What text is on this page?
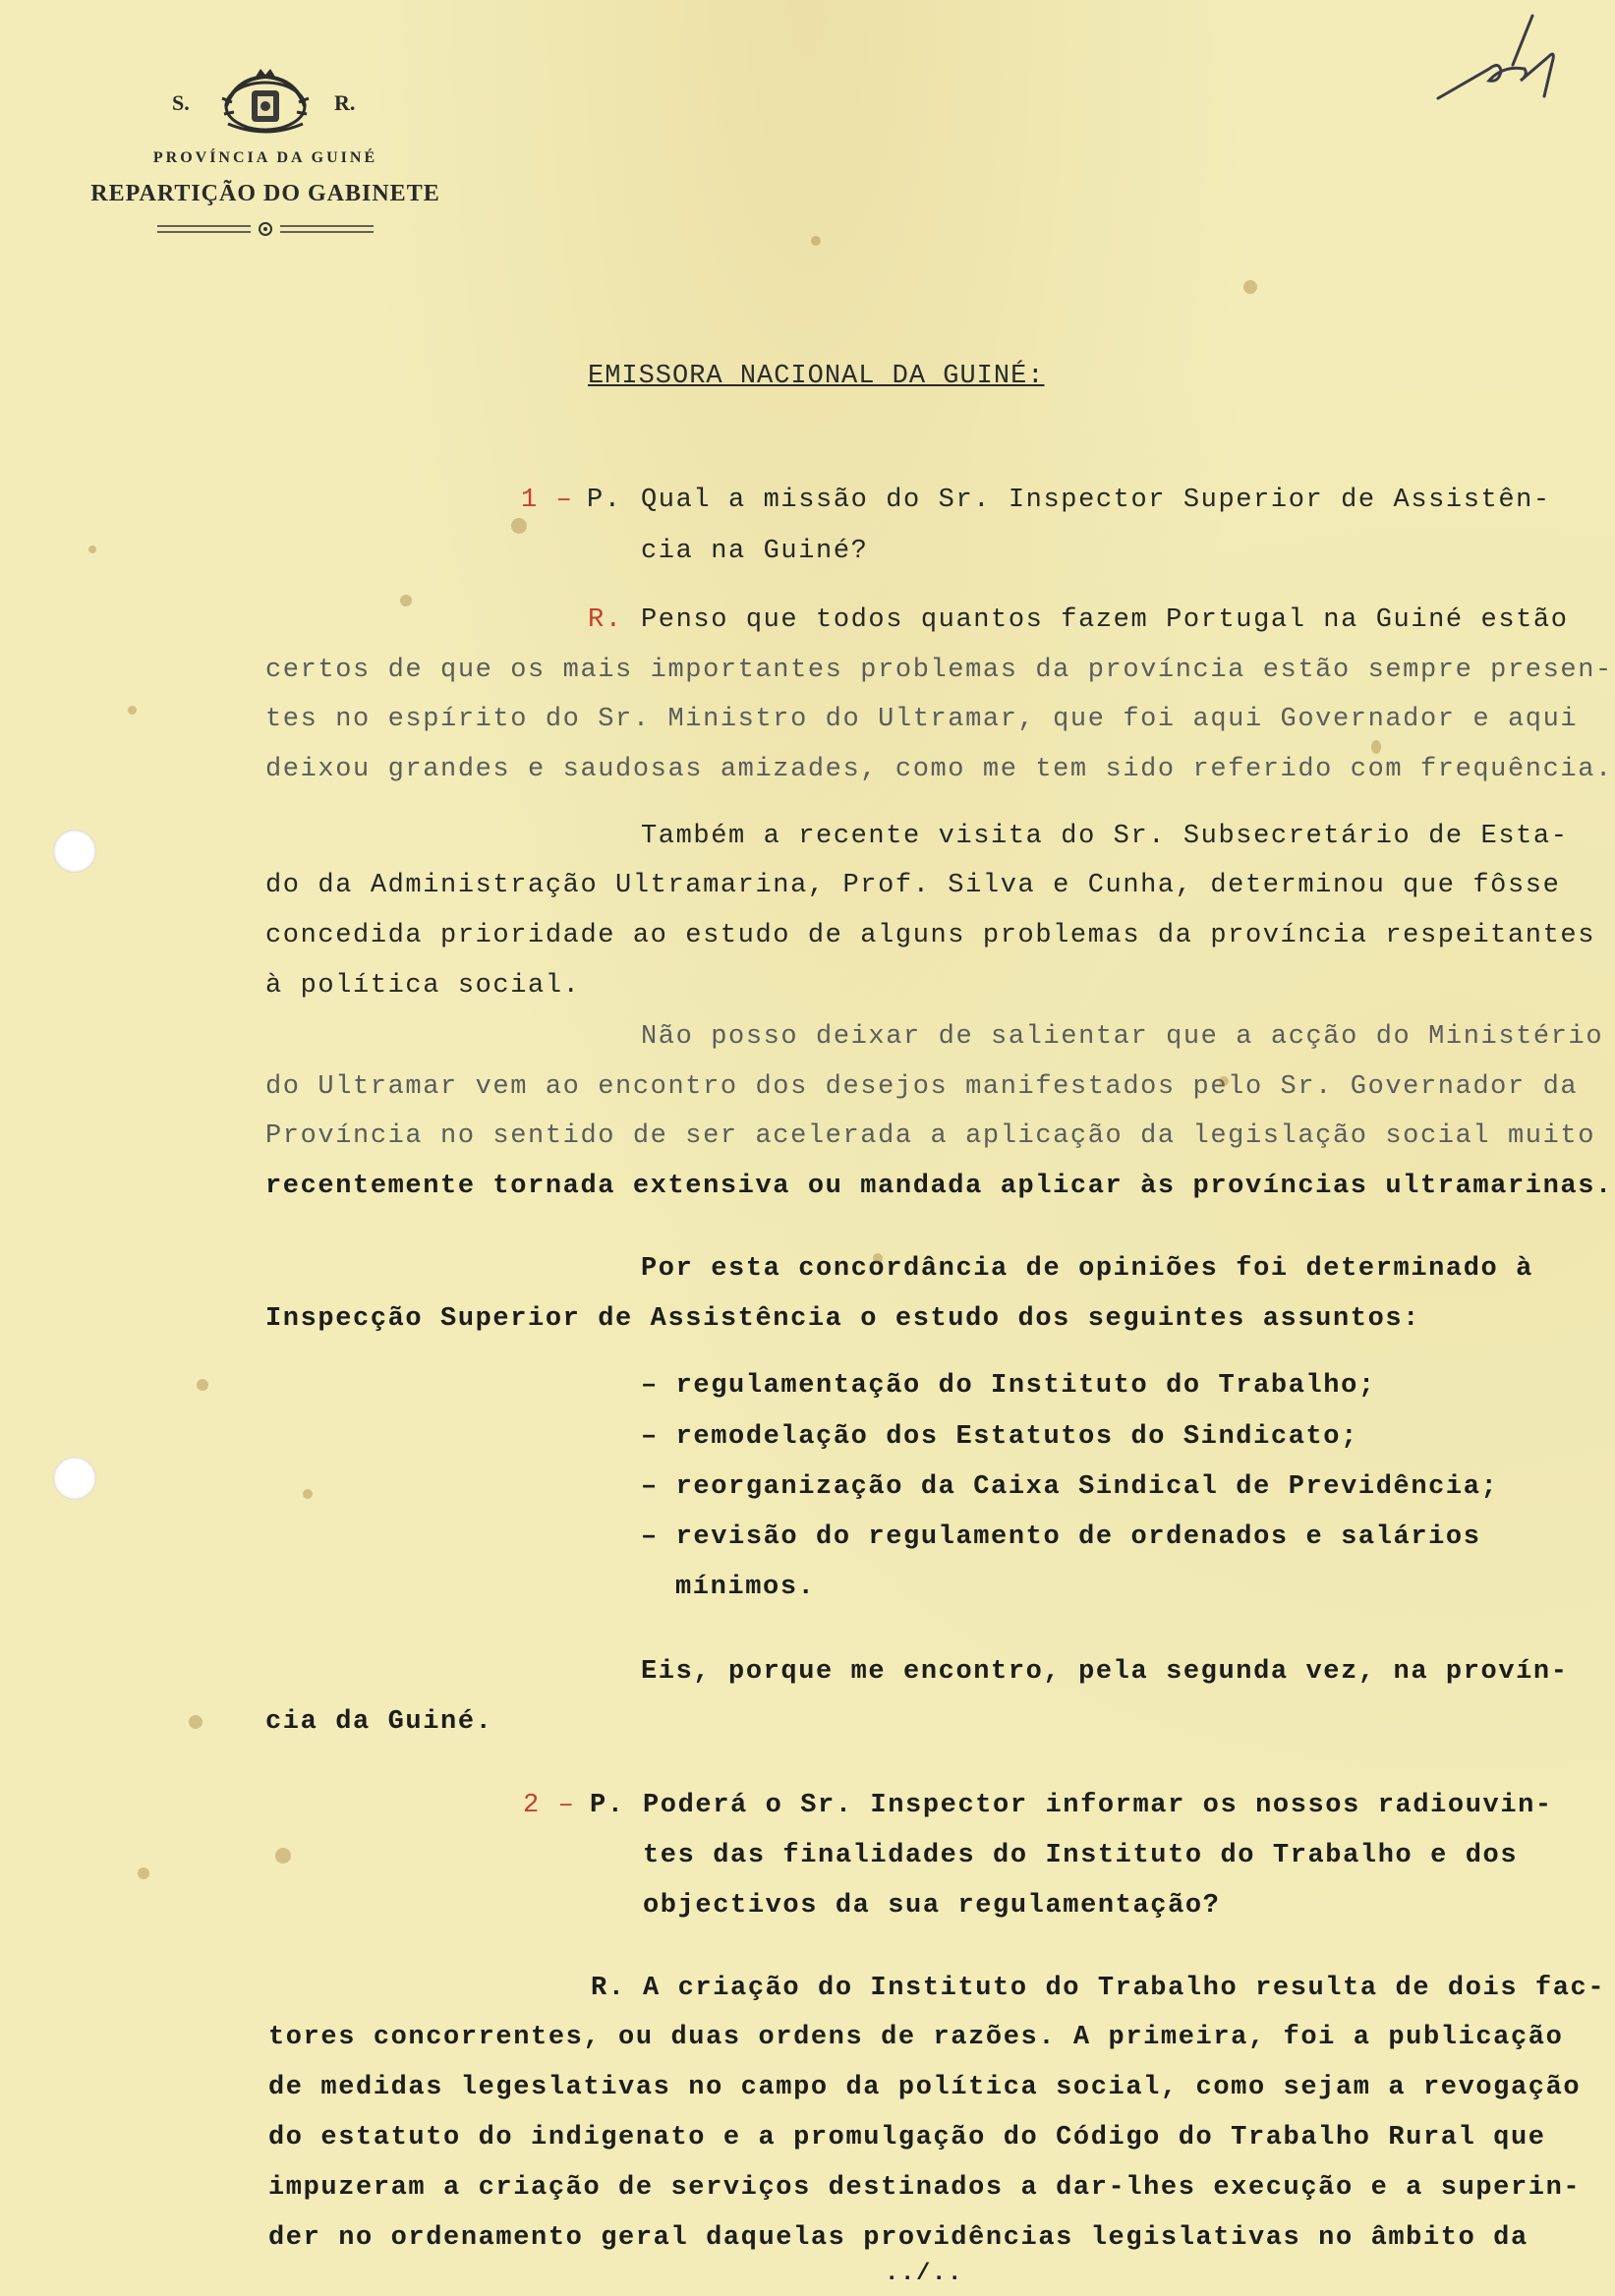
S.	R.
PROVÍNCIA DA GUINÉ
REPARTIÇÃO DO GABINETE
EMISSORA NACIONAL DA GUINÉ:
1 – P. Qual a missão do Sr. Inspector Superior de Assistên-
cia na Guiné?
R. Penso que todos quantos fazem Portugal na Guiné estão
certos de que os mais importantes problemas da província estão sempre presen-
tes no espírito do Sr. Ministro do Ultramar, que foi aqui Governador e aqui
deixou grandes e saudosas amizades, como me tem sido referido com frequência.
Também a recente visita do Sr. Subsecretário de Esta-
do da Administração Ultramarina, Prof. Silva e Cunha, determinou que fôsse
concedida prioridade ao estudo de alguns problemas da província respeitantes
à política social.
Não posso deixar de salientar que a acção do Ministério
do Ultramar vem ao encontro dos desejos manifestados pelo Sr. Governador da
Província no sentido de ser acelerada a aplicação da legislação social muito
recentemente tornada extensiva ou mandada aplicar às províncias ultramarinas.
Por esta concordância de opiniões foi determinado à
Inspecção Superior de Assistência o estudo dos seguintes assuntos:
– regulamentação do Instituto do Trabalho;
– remodelação dos Estatutos do Sindicato;
– reorganização da Caixa Sindical de Previdência;
– revisão do regulamento de ordenados e salários
mínimos.
Eis, porque me encontro, pela segunda vez, na provín-
cia da Guiné.
2 – P. Poderá o Sr. Inspector informar os nossos radiouvin-
tes das finalidades do Instituto do Trabalho e dos
objectivos da sua regulamentação?
R. A criação do Instituto do Trabalho resulta de dois fac-
tores concorrentes, ou duas ordens de razões. A primeira, foi a publicação
de medidas legeslativas no campo da política social, como sejam a revogação
do estatuto do indigenato e a promulgação do Código do Trabalho Rural que
impuzeram a criação de serviços destinados a dar-lhes execução e a superin-
der no ordenamento geral daquelas providências legislativas no âmbito da
../..
